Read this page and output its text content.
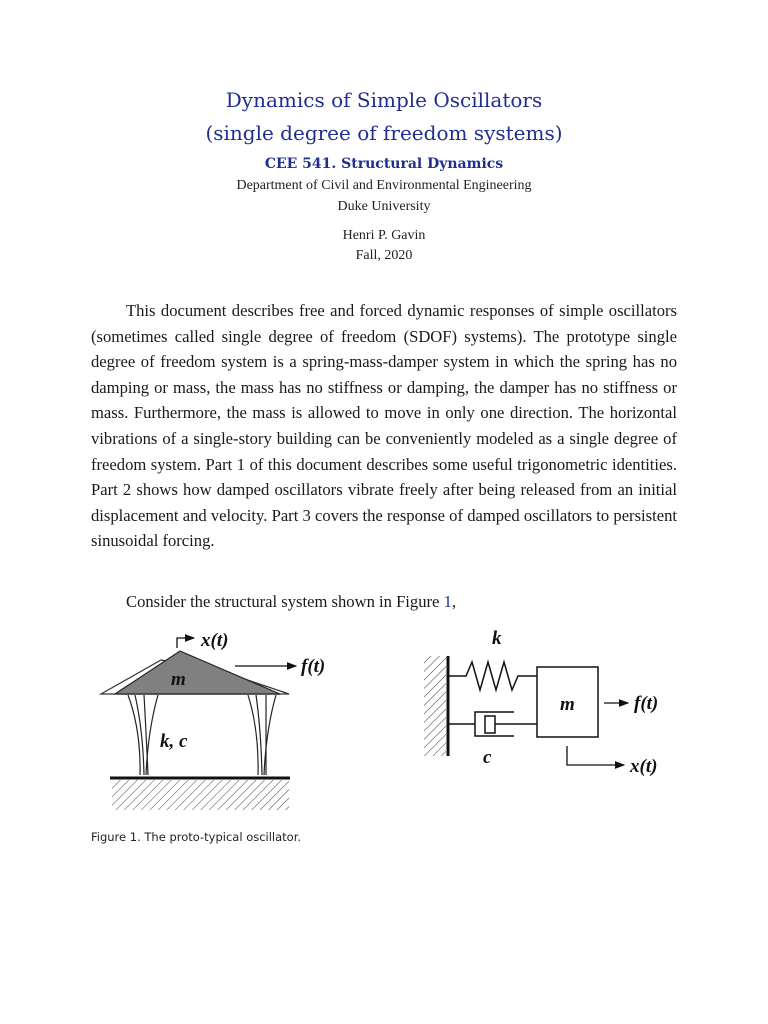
Dynamics of Simple Oscillators
(single degree of freedom systems)
CEE 541. Structural Dynamics
Department of Civil and Environmental Engineering
Duke University
Henri P. Gavin
Fall, 2020

This document describes free and forced dynamic responses of simple oscillators (sometimes called single degree of freedom (SDOF) systems). The prototype single degree of freedom system is a spring-mass-damper system in which the spring has no damping or mass, the mass has no stiffness or damping, the damper has no stiffness or mass. Furthermore, the mass is allowed to move in only one direction. The horizontal vibrations of a single-story building can be conveniently modeled as a single degree of freedom system. Part 1 of this document describes some useful trigonometric identities. Part 2 shows how damped oscillators vibrate freely after being released from an initial displacement and velocity. Part 3 covers the response of damped oscillators to persistent sinusoidal forcing.

Consider the structural system shown in Figure 1,
x(t)
f(t)
m
k, c
m	f(t)
x(t)
k
c
Figure 1. The proto-typical oscillator.
